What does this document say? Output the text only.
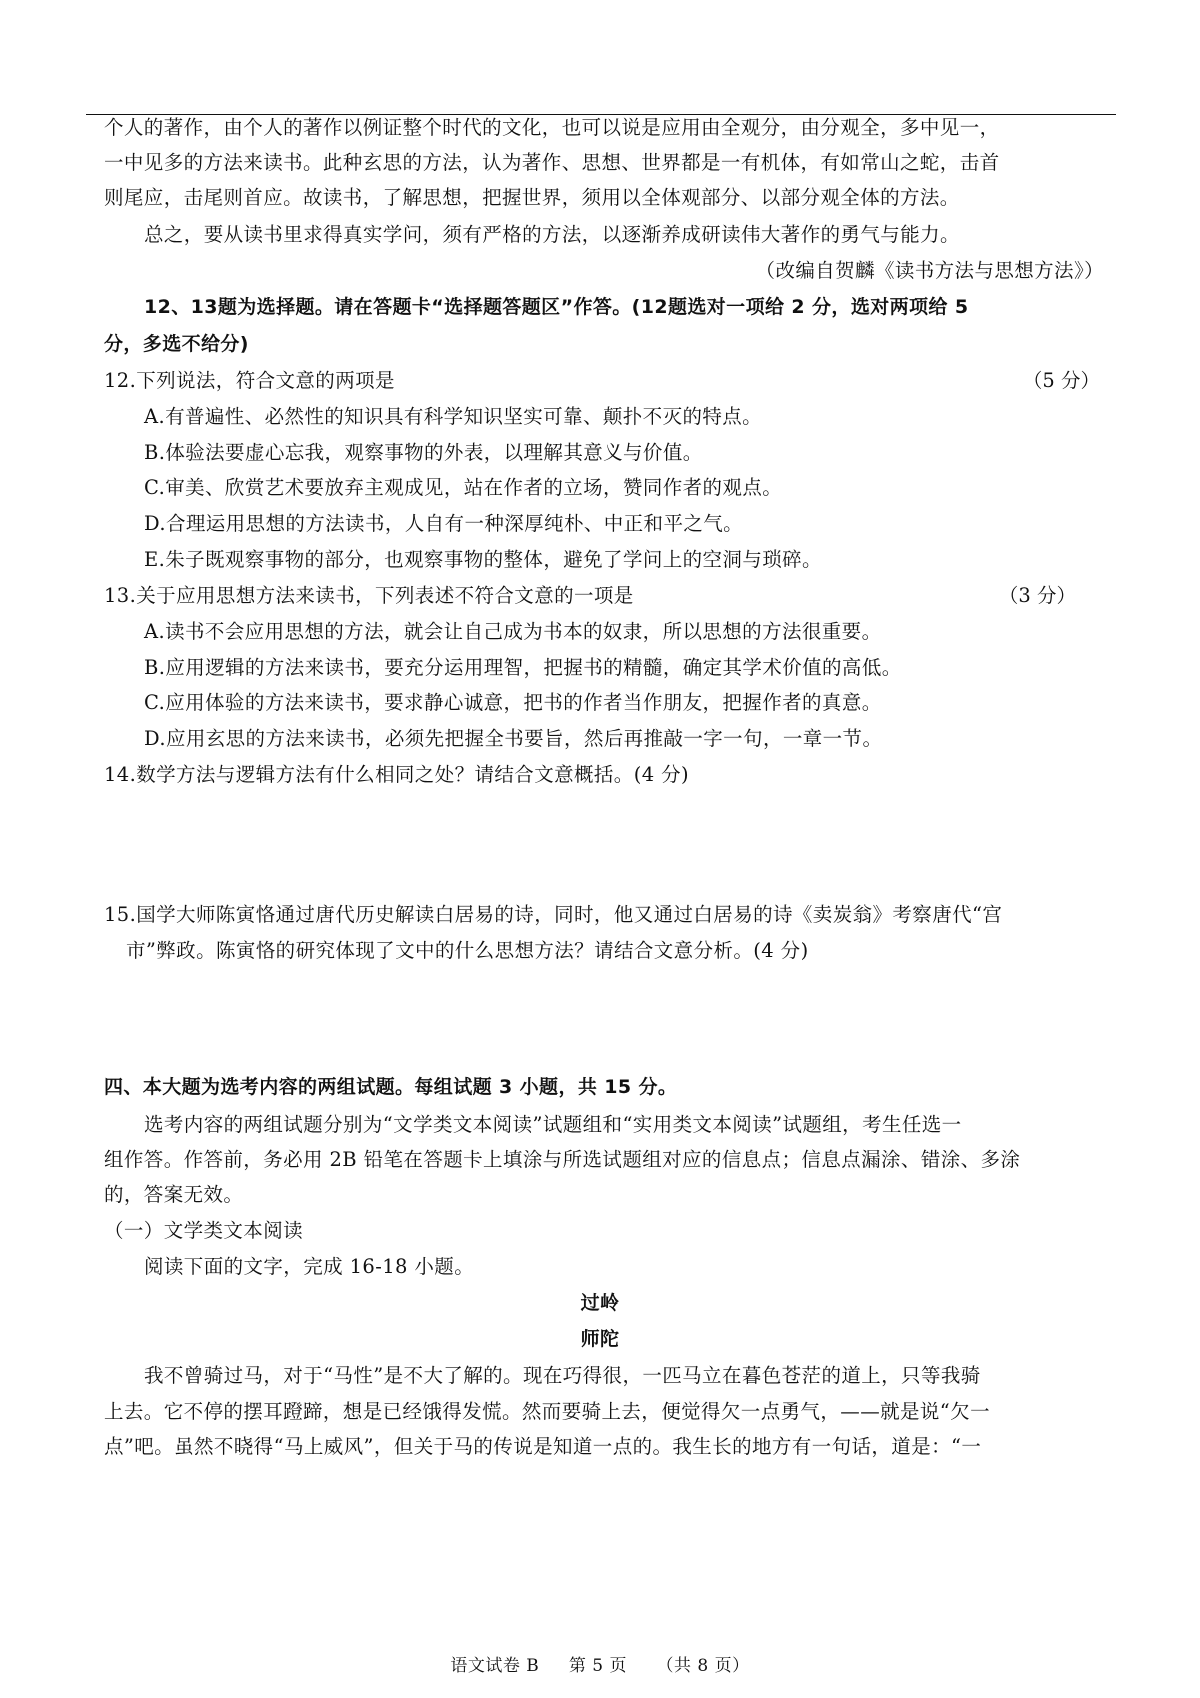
个人的著作，由个人的著作以例证整个时代的文化，也可以说是应用由全观分，由分观全，多中见一，
一中见多的方法来读书。此种玄思的方法，认为著作、思想、世界都是一有机体，有如常山之蛇，击首
则尾应，击尾则首应。故读书，了解思想，把握世界，须用以全体观部分、以部分观全体的方法。
总之，要从读书里求得真实学问，须有严格的方法，以逐渐养成研读伟大著作的勇气与能力。
（改编自贺麟《读书方法与思想方法》）
12、13题为选择题。请在答题卡“选择题答题区”作答。(12题选对一项给 2 分，选对两项给 5
分，多选不给分)
12.下列说法，符合文意的两项是	（5 分）
A.有普遍性、必然性的知识具有科学知识坚实可靠、颠扑不灭的特点。
B.体验法要虚心忘我，观察事物的外表，以理解其意义与价值。
C.审美、欣赏艺术要放弃主观成见，站在作者的立场，赞同作者的观点。
D.合理运用思想的方法读书，人自有一种深厚纯朴、中正和平之气。
E.朱子既观察事物的部分，也观察事物的整体，避免了学问上的空洞与琐碎。
13.关于应用思想方法来读书，下列表述不符合文意的一项是	（3 分）
A.读书不会应用思想的方法，就会让自己成为书本的奴隶，所以思想的方法很重要。
B.应用逻辑的方法来读书，要充分运用理智，把握书的精髓，确定其学术价值的高低。
C.应用体验的方法来读书，要求静心诚意，把书的作者当作朋友，把握作者的真意。
D.应用玄思的方法来读书，必须先把握全书要旨，然后再推敲一字一句，一章一节。
14.数学方法与逻辑方法有什么相同之处？请结合文意概括。(4 分)
15.国学大师陈寅恪通过唐代历史解读白居易的诗，同时，他又通过白居易的诗《卖炭翁》考察唐代“宫
市”弊政。陈寅恪的研究体现了文中的什么思想方法？请结合文意分析。(4 分)
四、本大题为选考内容的两组试题。每组试题 3 小题，共 15 分。
选考内容的两组试题分别为“文学类文本阅读”试题组和“实用类文本阅读”试题组，考生任选一
组作答。作答前，务必用 2B 铅笔在答题卡上填涂与所选试题组对应的信息点；信息点漏涂、错涂、多涂
的，答案无效。
（一）文学类文本阅读
阅读下面的文字，完成 16-18 小题。
过岭
师陀
我不曾骑过马，对于“马性”是不大了解的。现在巧得很，一匹马立在暮色苍茫的道上，只等我骑
上去。它不停的摆耳蹬蹄，想是已经饿得发慌。然而要骑上去，便觉得欠一点勇气，——就是说“欠一
点”吧。虽然不晓得“马上威风”，但关于马的传说是知道一点的。我生长的地方有一句话，道是：“一
语文试卷 B 第 5 页 （共 8 页）
